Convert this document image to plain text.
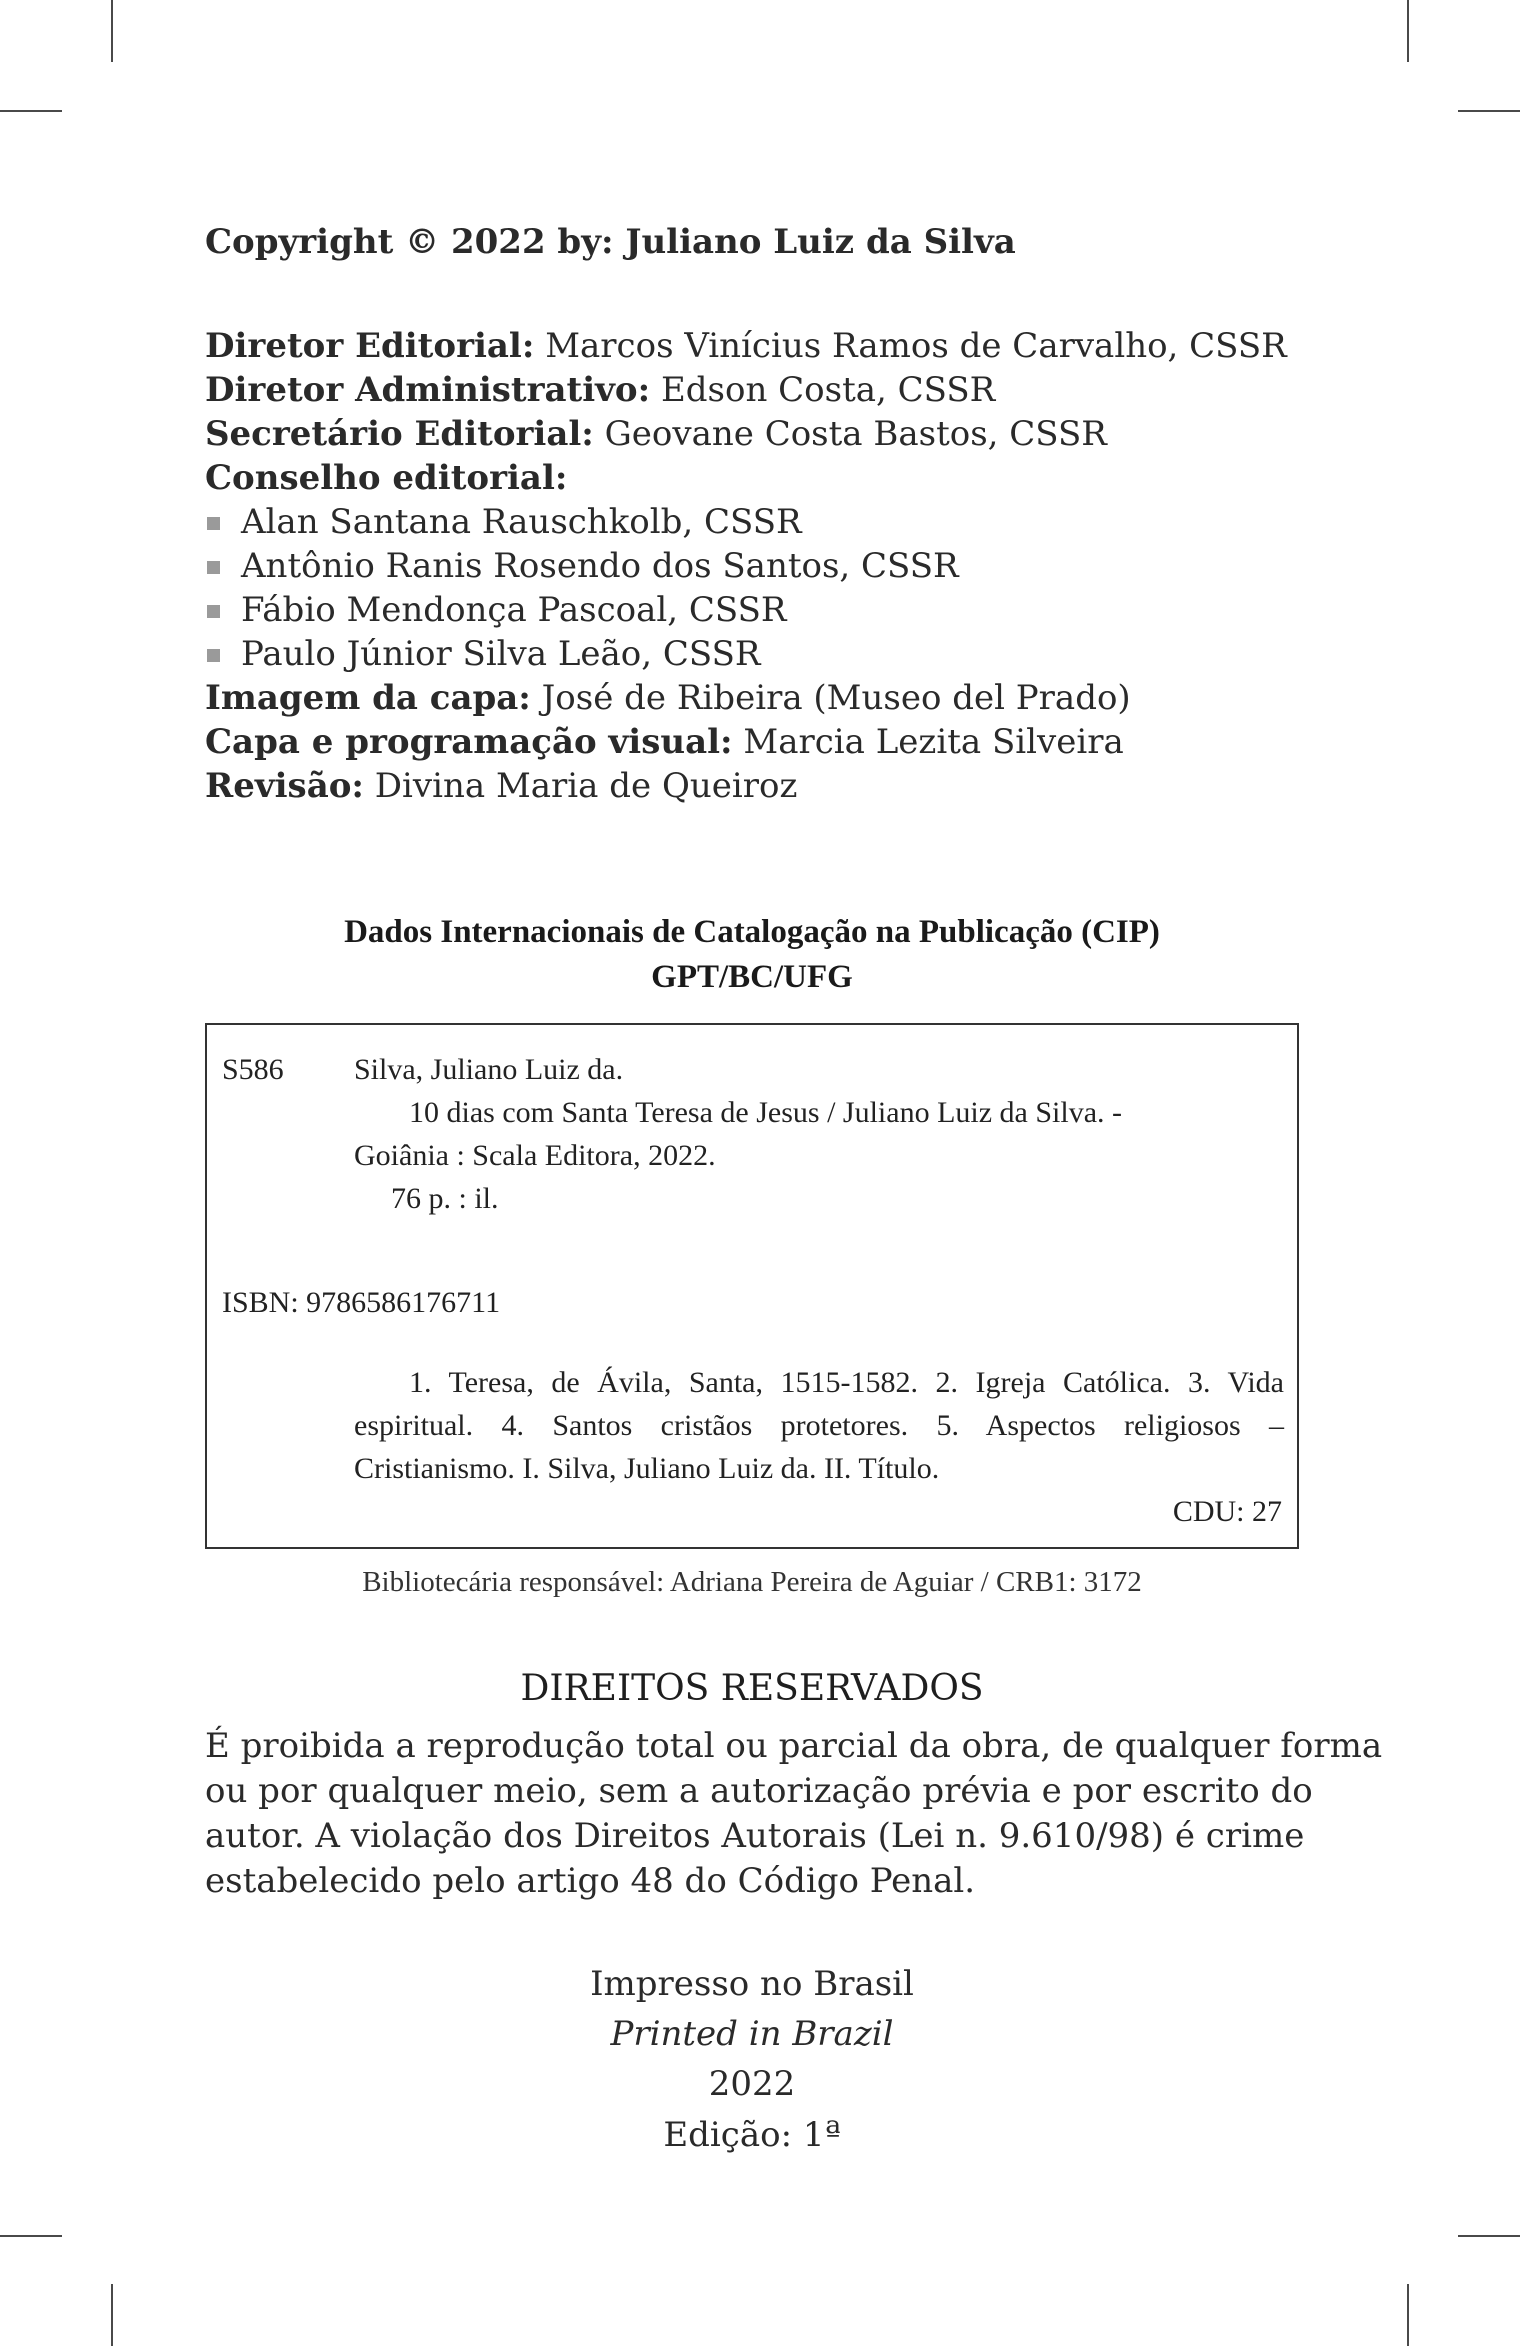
Copyright © 2022 by: Juliano Luiz da Silva
Diretor Editorial: Marcos Vinícius Ramos de Carvalho, CSSR
Diretor Administrativo: Edson Costa, CSSR
Secretário Editorial: Geovane Costa Bastos, CSSR
Conselho editorial:
Alan Santana Rauschkolb, CSSR
Antônio Ranis Rosendo dos Santos, CSSR
Fábio Mendonça Pascoal, CSSR
Paulo Júnior Silva Leão, CSSR
Imagem da capa: José de Ribeira (Museo del Prado)
Capa e programação visual: Marcia Lezita Silveira
Revisão: Divina Maria de Queiroz
Dados Internacionais de Catalogação na Publicação (CIP)
GPT/BC/UFG
S586 Silva, Juliano Luiz da.
10 dias com Santa Teresa de Jesus / Juliano Luiz da Silva. -
Goiânia : Scala Editora, 2022.
76 p. : il.
ISBN: 9786586176711
1. Teresa, de Ávila, Santa, 1515-1582. 2. Igreja Católica. 3. Vida
espiritual. 4. Santos cristãos protetores. 5. Aspectos religiosos –
Cristianismo. I. Silva, Juliano Luiz da. II. Título.
CDU: 27
Bibliotecária responsável: Adriana Pereira de Aguiar / CRB1: 3172
DIREITOS RESERVADOS
É proibida a reprodução total ou parcial da obra, de qualquer forma
ou por qualquer meio, sem a autorização prévia e por escrito do
autor. A violação dos Direitos Autorais (Lei n. 9.610/98) é crime
estabelecido pelo artigo 48 do Código Penal.
Impresso no Brasil
Printed in Brazil
2022
Edição: 1ª
